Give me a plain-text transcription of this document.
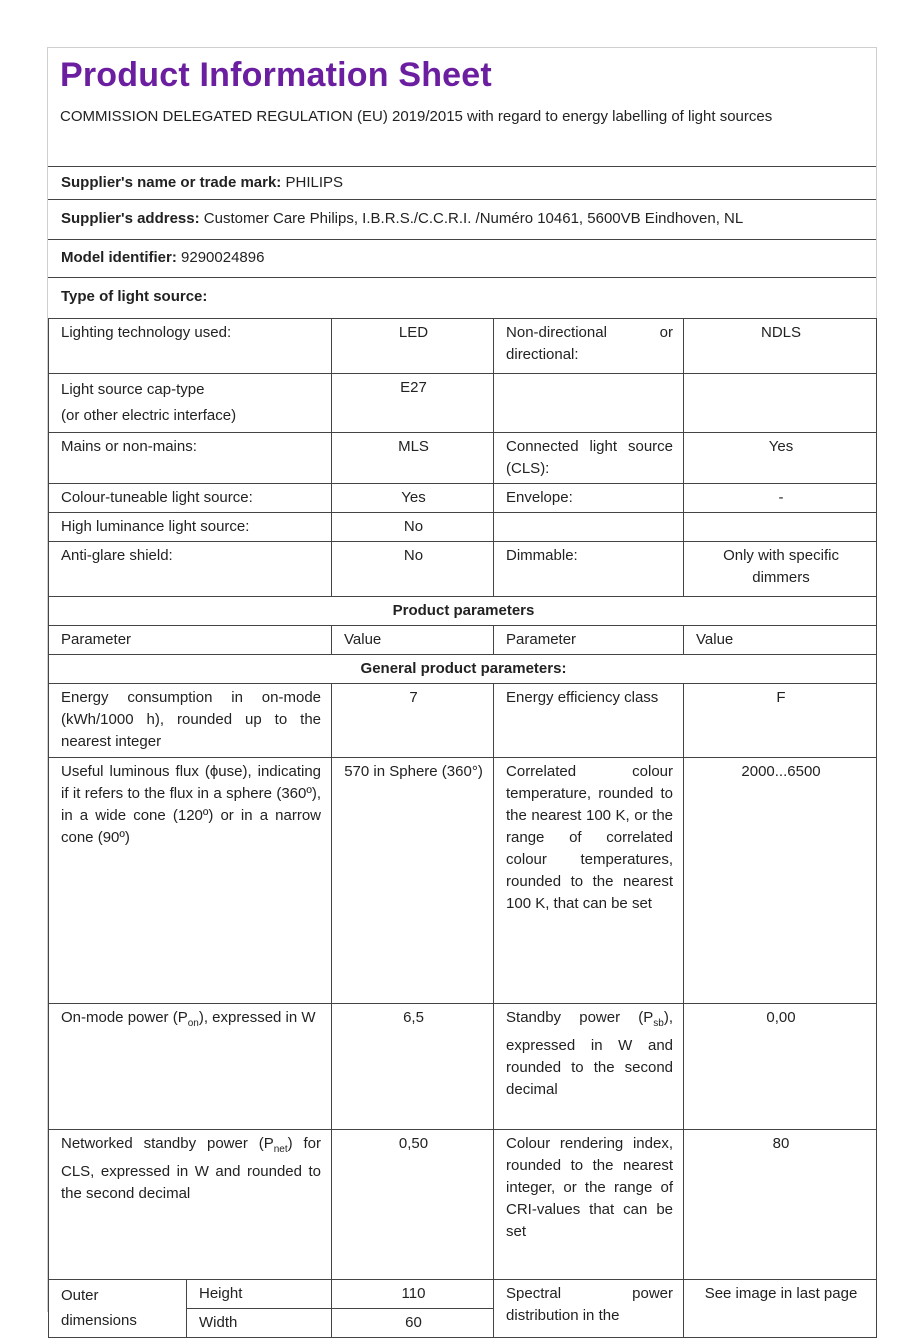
Product Information Sheet
COMMISSION DELEGATED REGULATION (EU) 2019/2015 with regard to energy labelling of light sources
Supplier's name or trade mark: PHILIPS
Supplier's address: Customer Care Philips, I.B.R.S./C.C.R.I. /Numéro 10461, 5600VB Eindhoven, NL
Model identifier: 9290024896
Type of light source:
Lighting technology used:		LED	Non-directional or directional:	NDLS

Light source cap-type
(or other electric interface)		E27		
Mains or non-mains:		MLS	Connected light source (CLS):	Yes
Colour-tuneable light source:		Yes	Envelope:	-
High luminance light source:		No		
Anti-glare shield:		No	Dimmable:	Only with specific dimmers
Product parameters				
Parameter		Value	Parameter	Value
General product parameters:				
Energy consumption in on-mode (kWh/1000 h), rounded up to the nearest integer		7	Energy efficiency class	F
Useful luminous flux (ϕuse), indicating if it refers to the flux in a sphere (360º), in a wide cone (120º) or in a narrow cone (90º)		570 in Sphere (360°)	Correlated colour temperature, rounded to the nearest 100 K, or the range of correlated colour temperatures, rounded to the nearest 100 K, that can be set	2000...6500
On-mode power $(P_{on})$, expressed in W		6,5	Standby power $(P_{sb})$, expressed in W and rounded to the second decimal	0,00
Networked standby power $(P_{net})$ for CLS, expressed in W and rounded to the second decimal		0,50	Colour rendering index, rounded to the nearest integer, or the range of CRI-values that can be set	80
Outer dimensions	Height	110	Spectral power distribution in the	See image in last page
	Width	60		
